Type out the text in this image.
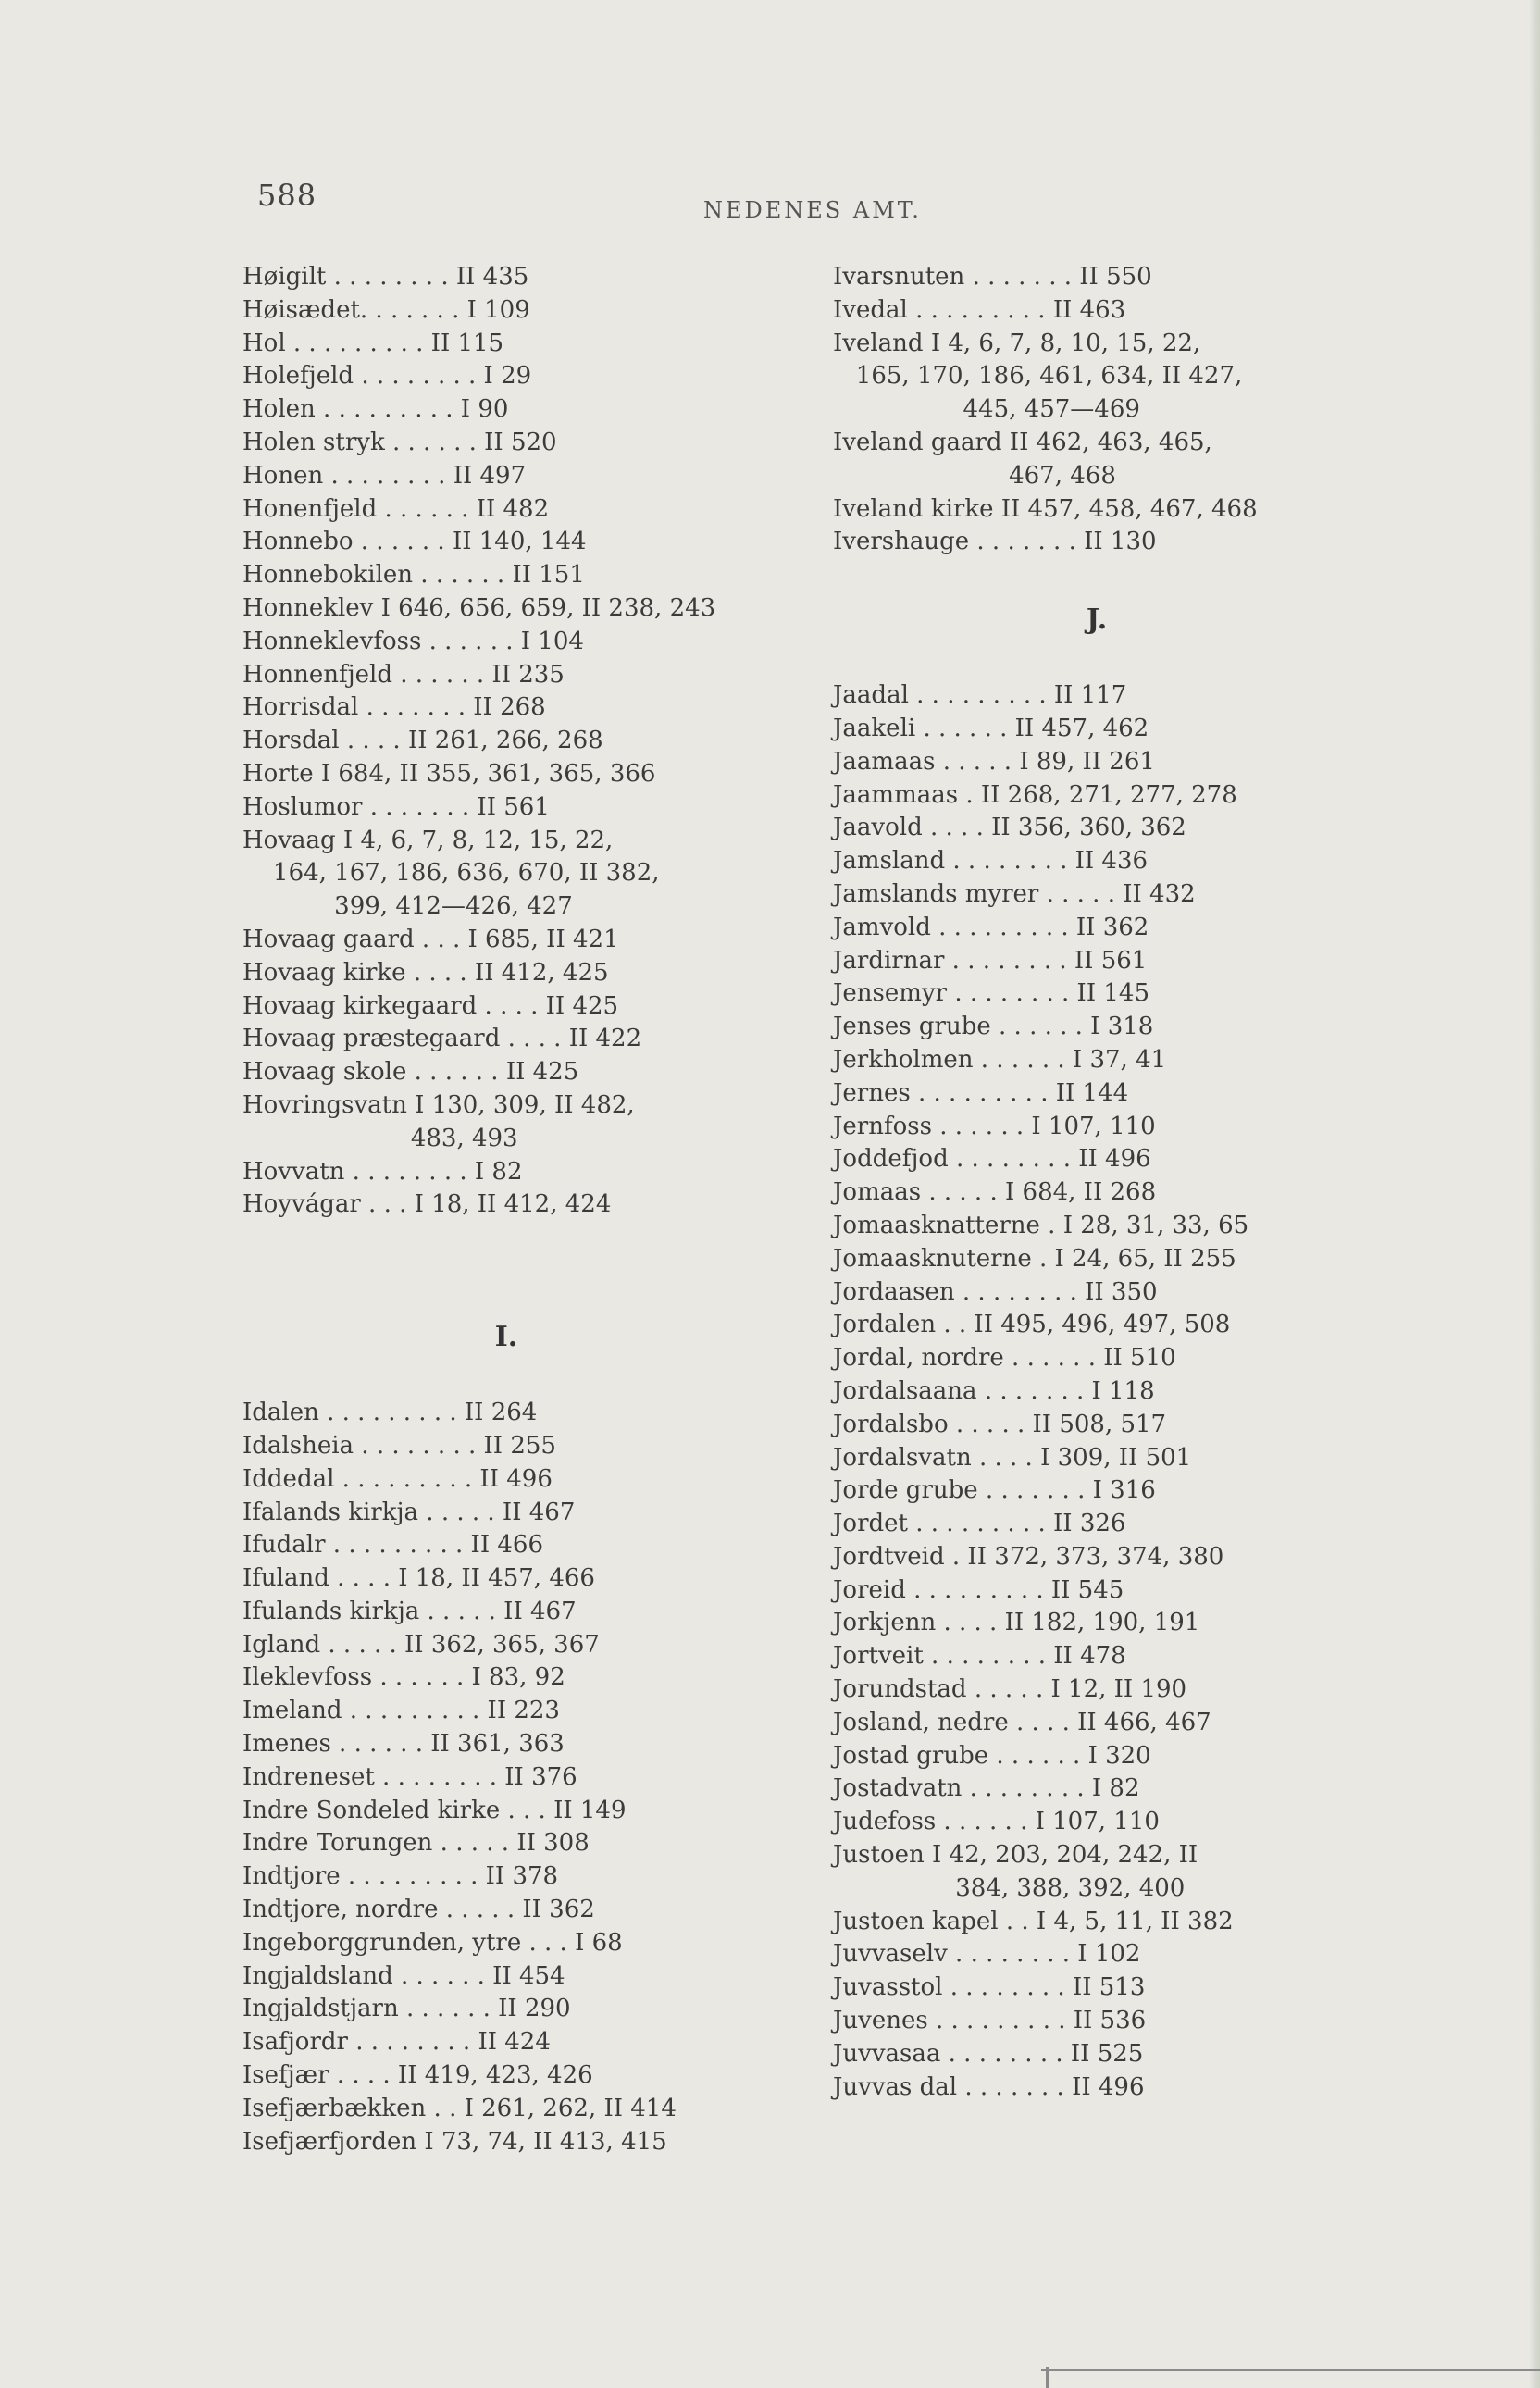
588	NEDENES AMT.
Høigilt . . . . . . . . II 435
Høisædet. . . . . . . I 109
Hol . . . . . . . . . II 115
Holefjeld . . . . . . . . I 29
Holen . . . . . . . . . I 90
Holen stryk . . . . . . II 520
Honen . . . . . . . . II 497
Honenfjeld . . . . . . II 482
Honnebo . . . . . . II 140, 144
Honnebokilen . . . . . . II 151
Honneklev I 646, 656, 659, II 238, 243
Honneklevfoss . . . . . . I 104
Honnenfjeld . . . . . . II 235
Horrisdal . . . . . . . II 268
Horsdal . . . . II 261, 266, 268
Horte I 684, II 355, 361, 365, 366
Hoslumor . . . . . . . II 561
Hovaag I 4, 6, 7, 8, 12, 15, 22,
164, 167, 186, 636, 670, II 382,
399, 412—426, 427
Hovaag gaard . . . I 685, II 421
Hovaag kirke . . . . II 412, 425
Hovaag kirkegaard . . . . II 425
Hovaag præstegaard . . . . II 422
Hovaag skole . . . . . . II 425
Hovringsvatn I 130, 309, II 482,
483, 493
Hovvatn . . . . . . . . I 82
Hoyvágar . . . I 18, II 412, 424
I.
Idalen . . . . . . . . . II 264
Idalsheia . . . . . . . . II 255
Iddedal . . . . . . . . . II 496
Ifalands kirkja . . . . . II 467
Ifudalr . . . . . . . . . II 466
Ifuland . . . . I 18, II 457, 466
Ifulands kirkja . . . . . II 467
Igland . . . . . II 362, 365, 367
Ileklevfoss . . . . . . I 83, 92
Imeland . . . . . . . . . II 223
Imenes . . . . . . II 361, 363
Indreneset . . . . . . . . II 376
Indre Sondeled kirke . . . II 149
Indre Torungen . . . . . II 308
Indtjore . . . . . . . . . II 378
Indtjore, nordre . . . . . II 362
Ingeborggrunden, ytre . . . I 68
Ingjaldsland . . . . . . II 454
Ingjaldstjarn . . . . . . II 290
Isafjordr . . . . . . . . II 424
Isefjær . . . . II 419, 423, 426
Isefjærbækken . . I 261, 262, II 414
Isefjærfjorden I 73, 74, II 413, 415
Ivarsnuten . . . . . . . II 550
Ivedal . . . . . . . . . II 463
Iveland I 4, 6, 7, 8, 10, 15, 22,
165, 170, 186, 461, 634, II 427,
445, 457—469
Iveland gaard II 462, 463, 465,
467, 468
Iveland kirke II 457, 458, 467, 468
Ivershauge . . . . . . . II 130
J.
Jaadal . . . . . . . . . II 117
Jaakeli . . . . . . II 457, 462
Jaamaas . . . . . I 89, II 261
Jaammaas . II 268, 271, 277, 278
Jaavold . . . . II 356, 360, 362
Jamsland . . . . . . . . II 436
Jamslands myrer . . . . . II 432
Jamvold . . . . . . . . . II 362
Jardirnar . . . . . . . . II 561
Jensemyr . . . . . . . . II 145
Jenses grube . . . . . . I 318
Jerkholmen . . . . . . I 37, 41
Jernes . . . . . . . . . II 144
Jernfoss . . . . . . I 107, 110
Joddefjod . . . . . . . . II 496
Jomaas . . . . . I 684, II 268
Jomaasknatterne . I 28, 31, 33, 65
Jomaasknuterne . I 24, 65, II 255
Jordaasen . . . . . . . . II 350
Jordalen . . II 495, 496, 497, 508
Jordal, nordre . . . . . . II 510
Jordalsaana . . . . . . . I 118
Jordalsbo . . . . . II 508, 517
Jordalsvatn . . . . I 309, II 501
Jorde grube . . . . . . . I 316
Jordet . . . . . . . . . II 326
Jordtveid . II 372, 373, 374, 380
Joreid . . . . . . . . . II 545
Jorkjenn . . . . II 182, 190, 191
Jortveit . . . . . . . . II 478
Jorundstad . . . . . I 12, II 190
Josland, nedre . . . . II 466, 467
Jostad grube . . . . . . I 320
Jostadvatn . . . . . . . . I 82
Judefoss . . . . . . I 107, 110
Justoen I 42, 203, 204, 242, II
384, 388, 392, 400
Justoen kapel . . I 4, 5, 11, II 382
Juvvaselv . . . . . . . . I 102
Juvasstol . . . . . . . . II 513
Juvenes . . . . . . . . . II 536
Juvvasaa . . . . . . . . II 525
Juvvas dal . . . . . . . II 496
